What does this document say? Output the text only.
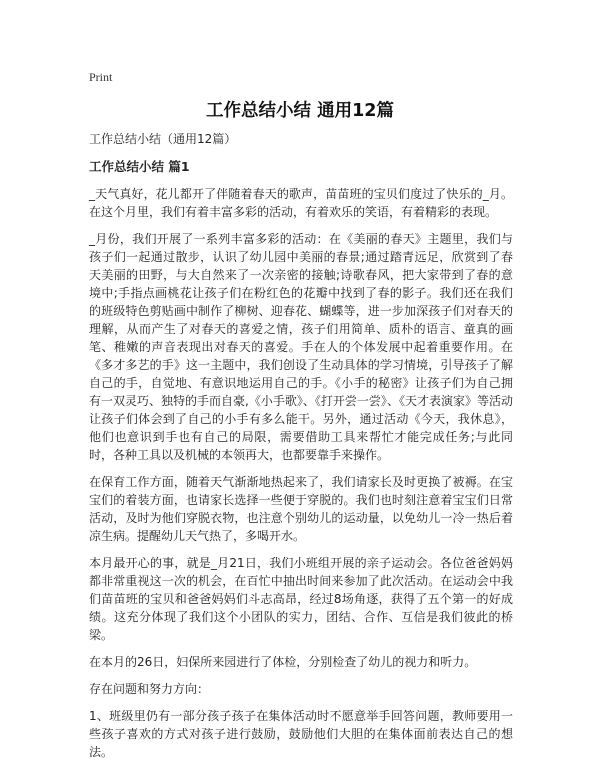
Print
工作总结小结 通用12篇

工作总结小结（通用12篇）

工作总结小结 篇1

_天气真好，花儿都开了伴随着春天的歌声，苗苗班的宝贝们度过了快乐的_月。在这个月里，我们有着丰富多彩的活动，有着欢乐的笑语，有着精彩的表现。

_月份，我们开展了一系列丰富多彩的活动：在《美丽的春天》主题里，我们与孩子们一起通过散步，认识了幼儿园中美丽的春景;通过踏青远足，欣赏到了春天美丽的田野，与大自然来了一次亲密的接触;诗歌春风，把大家带到了春的意境中;手指点画桃花让孩子们在粉红色的花瓣中找到了春的影子。我们还在我们的班级特色剪贴画中制作了柳树、迎春花、蝴蝶等，进一步加深孩子们对春天的理解，从而产生了对春天的喜爱之情，孩子们用简单、质朴的语言、童真的画笔、稚嫩的声音表现出对春天的喜爱。手在人的个体发展中起着重要作用。在《多才多艺的手》这一主题中，我们创设了生动具体的学习情境，引导孩子了解自己的手，自觉地、有意识地运用自己的手。《小手的秘密》让孩子们为自己拥有一双灵巧、独特的手而自豪,《小手歌》、《打开尝一尝》、《天才表演家》等活动让孩子们体会到了自己的小手有多么能干。另外，通过活动《今天，我休息》，他们也意识到手也有自己的局限，需要借助工具来帮忙才能完成任务;与此同时，各种工具以及机械的本领再大，也都要靠手来操作。

在保育工作方面，随着天气渐渐地热起来了，我们请家长及时更换了被褥。在宝宝们的着装方面，也请家长选择一些便于穿脱的。我们也时刻注意着宝宝们日常活动，及时为他们穿脱衣物，也注意个别幼儿的运动量，以免幼儿一冷一热后着凉生病。提醒幼儿天气热了，多喝开水。

本月最开心的事，就是_月21日，我们小班组开展的亲子运动会。各位爸爸妈妈都非常重视这一次的机会，在百忙中抽出时间来参加了此次活动。在运动会中我们苗苗班的宝贝和爸爸妈妈们斗志高昂，经过8场角逐，获得了五个第一的好成绩。这充分体现了我们这个小团队的实力，团结、合作、互信是我们彼此的桥梁。

在本月的26日，妇保所来园进行了体检，分别检查了幼儿的视力和听力。

存在问题和努力方向：

1、班级里仍有一部分孩子孩子在集体活动时不愿意举手回答问题，教师要用一些孩子喜欢的方式对孩子进行鼓励，鼓励他们大胆的在集体面前表达自己的想法。
